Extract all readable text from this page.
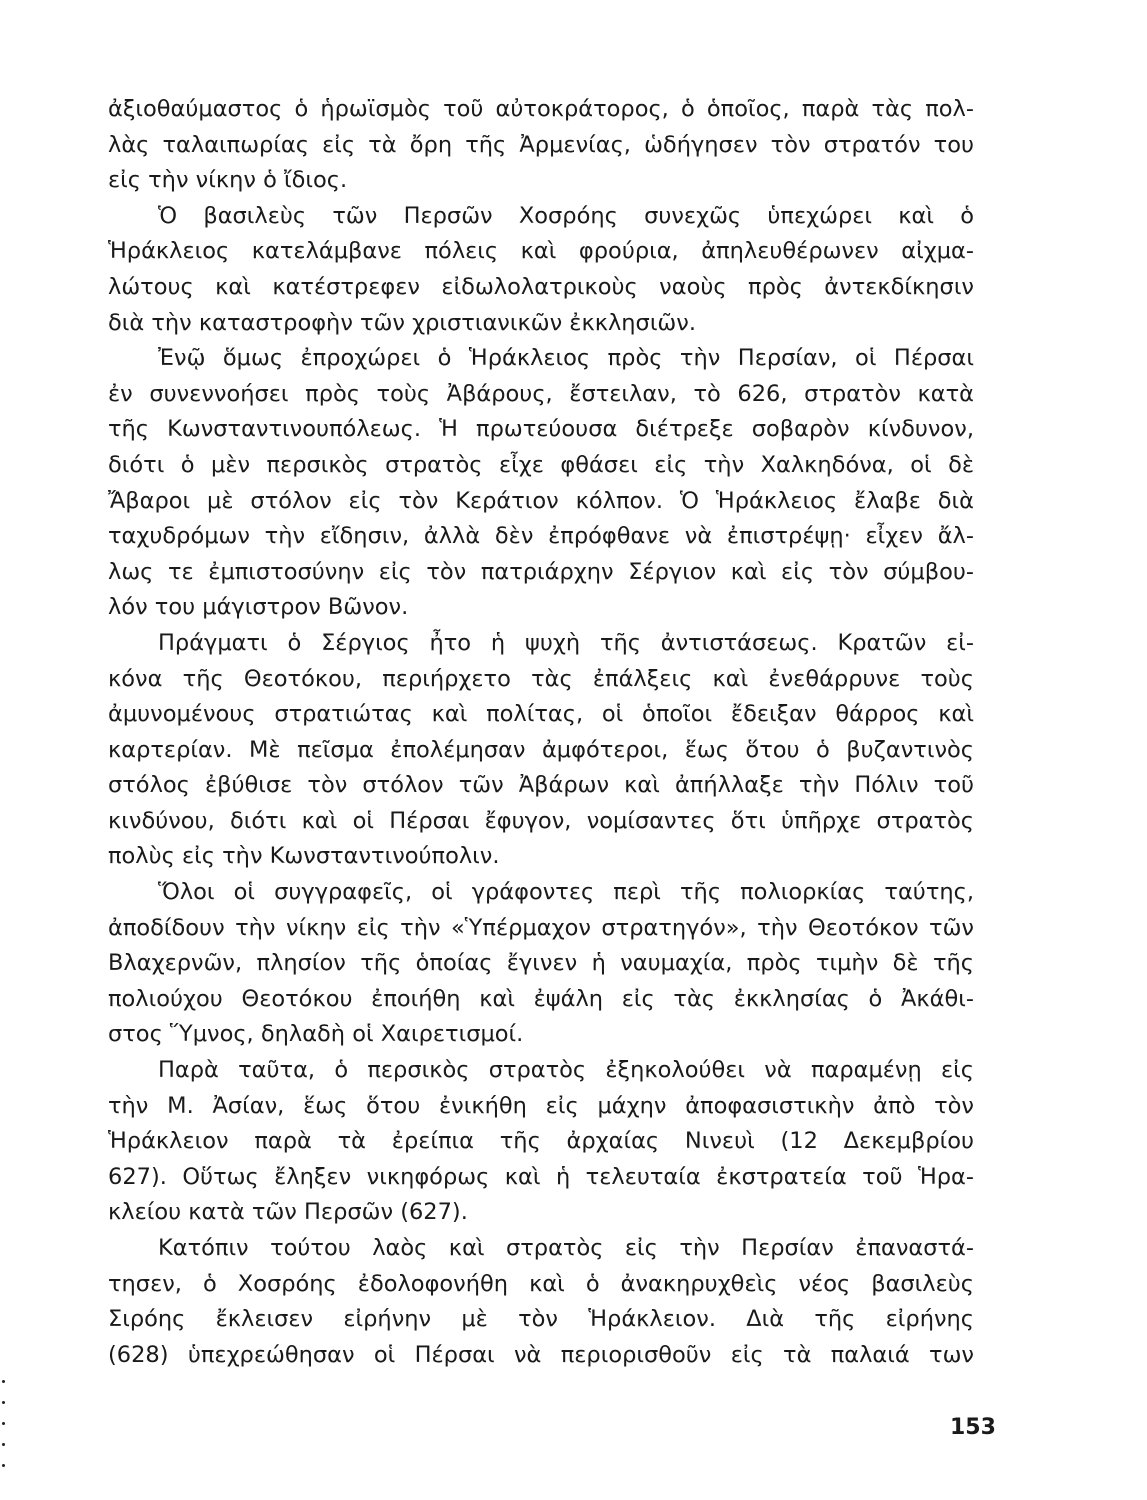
ἀξιοθαύμαστος ὁ ἡρωϊσμὸς τοῦ αὐτοκράτορος, ὁ ὁποῖος, παρὰ τὰς πολ-
λὰς ταλαιπωρίας εἰς τὰ ὄρη τῆς Ἀρμενίας, ὡδήγησεν τὸν στρατόν του
εἰς τὴν νίκην ὁ ἴδιος.
Ὁ βασιλεὺς τῶν Περσῶν Χοσρόης συνεχῶς ὑπεχώρει καὶ ὁ
Ἡράκλειος κατελάμβανε πόλεις καὶ φρούρια, ἀπηλευθέρωνεν αἰχμα-
λώτους καὶ κατέστρεφεν εἰδωλολατρικοὺς ναοὺς πρὸς ἀντεκδίκησιν
διὰ τὴν καταστροφὴν τῶν χριστιανικῶν ἐκκλησιῶν.
Ἐνῷ ὅμως ἐπροχώρει ὁ Ἡράκλειος πρὸς τὴν Περσίαν, οἱ Πέρσαι
ἐν συνεννοήσει πρὸς τοὺς Ἀβάρους, ἔστειλαν, τὸ 626, στρατὸν κατὰ
τῆς Κωνσταντινουπόλεως. Ἡ πρωτεύουσα διέτρεξε σοβαρὸν κίνδυνον,
διότι ὁ μὲν περσικὸς στρατὸς εἶχε φθάσει εἰς τὴν Χαλκηδόνα, οἱ δὲ
Ἄβαροι μὲ στόλον εἰς τὸν Κεράτιον κόλπον. Ὁ Ἡράκλειος ἔλαβε διὰ
ταχυδρόμων τὴν εἴδησιν, ἀλλὰ δὲν ἐπρόφθανε νὰ ἐπιστρέψῃ· εἶχεν ἄλ-
λως τε ἐμπιστοσύνην εἰς τὸν πατριάρχην Σέργιον καὶ εἰς τὸν σύμβου-
λόν του μάγιστρον Βῶνον.
Πράγματι ὁ Σέργιος ἦτο ἡ ψυχὴ τῆς ἀντιστάσεως. Κρατῶν εἰ-
κόνα τῆς Θεοτόκου, περιήρχετο τὰς ἐπάλξεις καὶ ἐνεθάρρυνε τοὺς
ἀμυνομένους στρατιώτας καὶ πολίτας, οἱ ὁποῖοι ἔδειξαν θάρρος καὶ
καρτερίαν. Μὲ πεῖσμα ἐπολέμησαν ἀμφότεροι, ἕως ὅτου ὁ βυζαντινὸς
στόλος ἐβύθισε τὸν στόλον τῶν Ἀβάρων καὶ ἀπήλλαξε τὴν Πόλιν τοῦ
κινδύνου, διότι καὶ οἱ Πέρσαι ἔφυγον, νομίσαντες ὅτι ὑπῆρχε στρατὸς
πολὺς εἰς τὴν Κωνσταντινούπολιν.
Ὅλοι οἱ συγγραφεῖς, οἱ γράφοντες περὶ τῆς πολιορκίας ταύτης,
ἀποδίδουν τὴν νίκην εἰς τὴν «Ὑπέρμαχον στρατηγόν», τὴν Θεοτόκον τῶν
Βλαχερνῶν, πλησίον τῆς ὁποίας ἔγινεν ἡ ναυμαχία, πρὸς τιμὴν δὲ τῆς
πολιούχου Θεοτόκου ἐποιήθη καὶ ἐψάλη εἰς τὰς ἐκκλησίας ὁ Ἀκάθι-
στος Ὕμνος, δηλαδὴ οἱ Χαιρετισμοί.
Παρὰ ταῦτα, ὁ περσικὸς στρατὸς ἐξηκολούθει νὰ παραμένῃ εἰς
τὴν Μ. Ἀσίαν, ἕως ὅτου ἐνικήθη εἰς μάχην ἀποφασιστικὴν ἀπὸ τὸν
Ἡράκλειον παρὰ τὰ ἐρείπια τῆς ἀρχαίας Νινευὶ (12 Δεκεμβρίου
627). Οὕτως ἔληξεν νικηφόρως καὶ ἡ τελευταία ἐκστρατεία τοῦ Ἡρα-
κλείου κατὰ τῶν Περσῶν (627).
Κατόπιν τούτου λαὸς καὶ στρατὸς εἰς τὴν Περσίαν ἐπαναστά-
τησεν, ὁ Χοσρόης ἐδολοφονήθη καὶ ὁ ἀνακηρυχθεὶς νέος βασιλεὺς
Σιρόης ἔκλεισεν εἰρήνην μὲ τὸν Ἡράκλειον. Διὰ τῆς εἰρήνης
(628) ὑπεχρεώθησαν οἱ Πέρσαι νὰ περιορισθοῦν εἰς τὰ παλαιά των
153
